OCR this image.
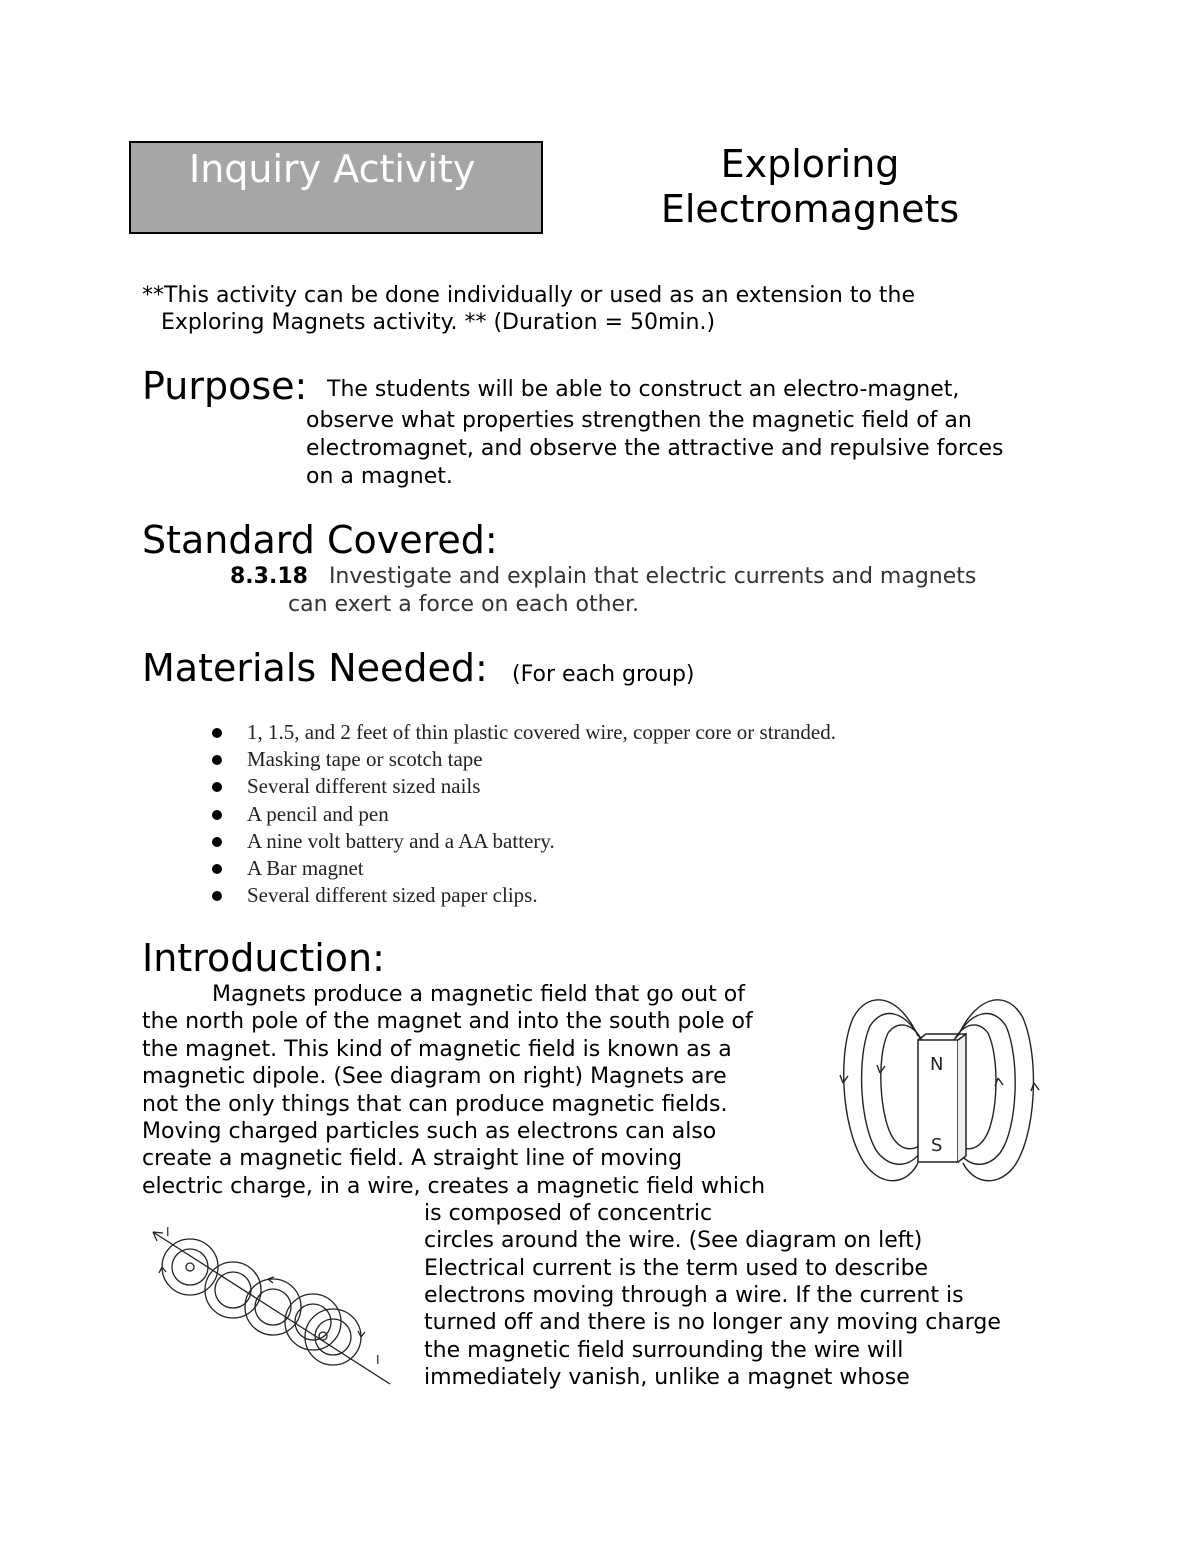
Inquiry Activity	Exploring
Electromagnets

**This activity can be done individually or used as an extension to the

Exploring Magnets activity. ** (Duration = 50min.)

Purpose: The students will be able to construct an electro-magnet,

observe what properties strengthen the magnetic field of an

electromagnet, and observe the attractive and repulsive forces

on a magnet.

Standard Covered:

8.3.18 Investigate and explain that electric currents and magnets

can exert a force on each other.

Materials Needed: (For each group)

1, 1.5, and 2 feet of thin plastic covered wire, copper core or stranded.
Masking tape or scotch tape
Several different sized nails
A pencil and pen
A nine volt battery and a AA battery.
A Bar magnet
Several different sized paper clips.

Introduction:

Magnets produce a magnetic field that go out of

the north pole of the magnet and into the south pole of

the magnet. This kind of magnetic field is known as a

magnetic dipole. (See diagram on right) Magnets are

not the only things that can produce magnetic fields.

Moving charged particles such as electrons can also

create a magnetic field. A straight line of moving

electric charge, in a wire, creates a magnetic field which

is composed of concentric

circles around the wire. (See diagram on left)

Electrical current is the term used to describe

electrons moving through a wire. If the current is

turned off and there is no longer any moving charge

the magnetic field surrounding the wire will

immediately vanish, unlike a magnet whose

N
S
I
I
